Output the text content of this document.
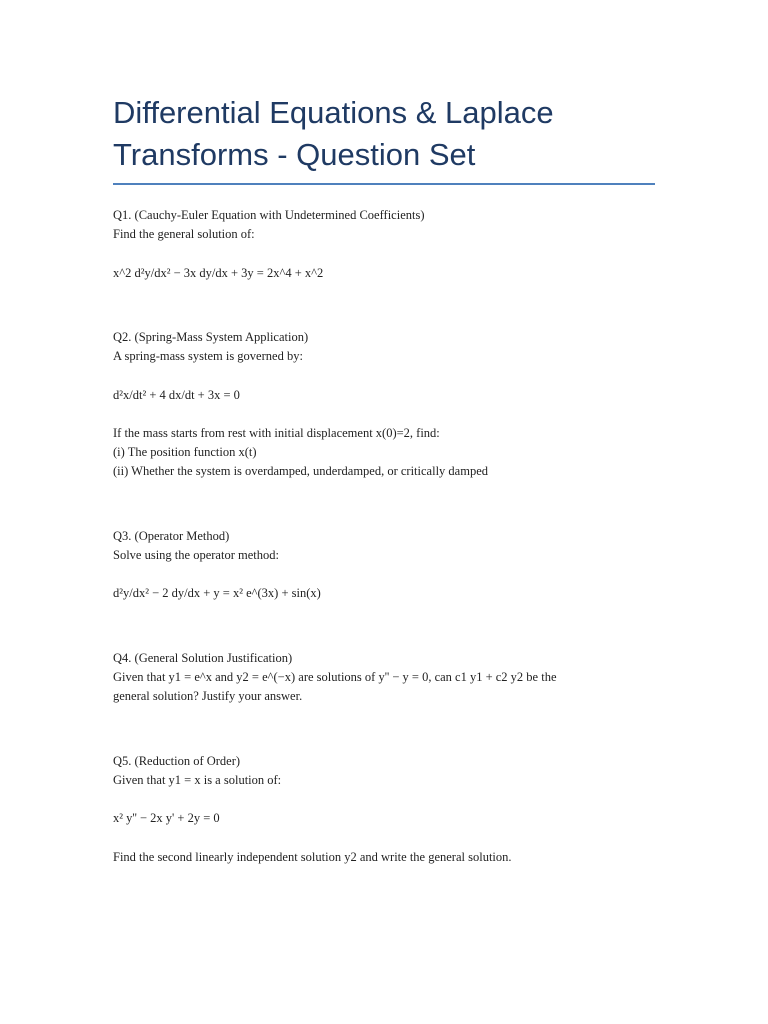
Differential Equations & Laplace
Transforms - Question Set
Q1. (Cauchy-Euler Equation with Undetermined Coefficients)
Find the general solution of:
x^2 d²y/dx² − 3x dy/dx + 3y = 2x^4 + x^2
Q2. (Spring-Mass System Application)
A spring-mass system is governed by:
d²x/dt² + 4 dx/dt + 3x = 0
If the mass starts from rest with initial displacement x(0)=2, find:
(i) The position function x(t)
(ii) Whether the system is overdamped, underdamped, or critically damped
Q3. (Operator Method)
Solve using the operator method:
d²y/dx² − 2 dy/dx + y = x² e^(3x) + sin(x)
Q4. (General Solution Justification)
Given that y1 = e^x and y2 = e^(−x) are solutions of y'' − y = 0, can c1 y1 + c2 y2 be the
general solution? Justify your answer.
Q5. (Reduction of Order)
Given that y1 = x is a solution of:
x² y'' − 2x y' + 2y = 0
Find the second linearly independent solution y2 and write the general solution.
